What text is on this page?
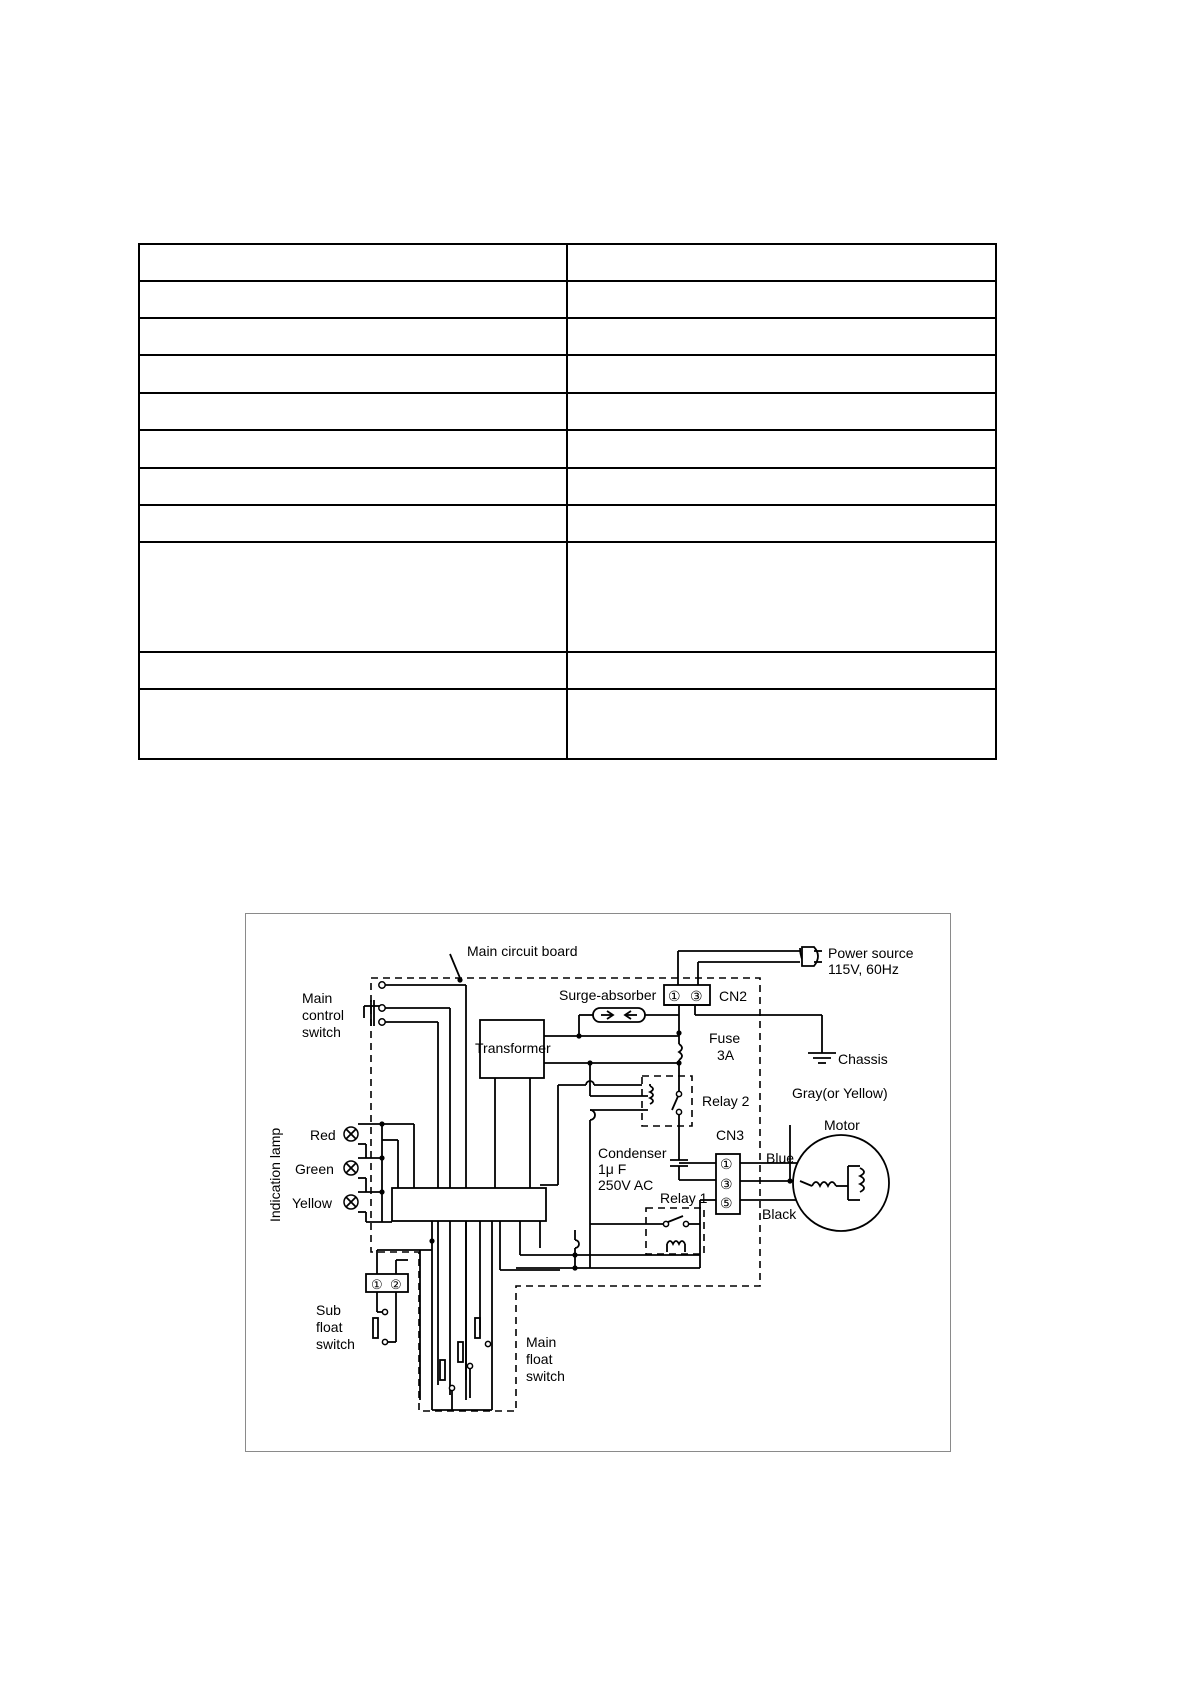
Main circuit board	Power source
115V, 60Hz
Surge-absorber ① ③ CN2
Main
control
switch
Transformer
Fuse
3A	Chassis
Relay 2	Gray(or Yellow)
Indication lamp Red
Green
Yellow
Motor
CN3
①
③
⑤
Condenser
1μ F
250V AC
Blue
Relay 1
Black
① ②
Sub
float
switch	Main
float
switch
